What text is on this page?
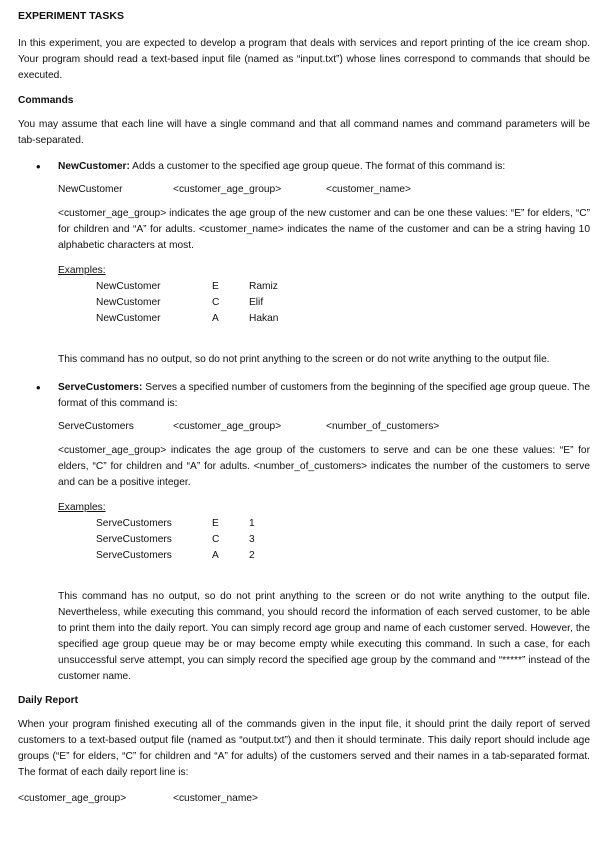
EXPERIMENT TASKS

In this experiment, you are expected to develop a program that deals with services and report printing of the ice cream shop. Your program should read a text-based input file (named as “input.txt”) whose lines correspond to commands that should be executed.

Commands

You may assume that each line will have a single command and that all command names and command parameters will be tab-separated.

• NewCustomer: Adds a customer to the specified age group queue. The format of this command is:

NewCustomer	<customer_age_group>	<customer_name>

<customer_age_group> indicates the age group of the new customer and can be one these values: “E” for elders, “C” for children and “A” for adults. <customer_name> indicates the name of the customer and can be a string having 10 alphabetic characters at most.

Examples:
NewCustomer	E	Ramiz
NewCustomer	C	Elif
NewCustomer	A	Hakan

This command has no output, so do not print anything to the screen or do not write anything to the output file.

• ServeCustomers: Serves a specified number of customers from the beginning of the specified age group queue. The format of this command is:

ServeCustomers	<customer_age_group>	<number_of_customers>

<customer_age_group> indicates the age group of the customers to serve and can be one these values: “E” for elders, “C” for children and “A” for adults. <number_of_customers> indicates the number of the customers to serve and can be a positive integer.

Examples:
ServeCustomers	E	1
ServeCustomers	C	3
ServeCustomers	A	2

This command has no output, so do not print anything to the screen or do not write anything to the output file. Nevertheless, while executing this command, you should record the information of each served customer, to be able to print them into the daily report. You can simply record age group and name of each customer served. However, the specified age group queue may be or may become empty while executing this command. In such a case, for each unsuccessful serve attempt, you can simply record the specified age group by the command and “*****” instead of the customer name.

Daily Report

When your program finished executing all of the commands given in the input file, it should print the daily report of served customers to a text-based output file (named as “output.txt”) and then it should terminate. This daily report should include age groups (“E” for elders, “C” for children and “A” for adults) of the customers served and their names in a tab-separated format. The format of each daily report line is:

<customer_age_group>	<customer_name>
